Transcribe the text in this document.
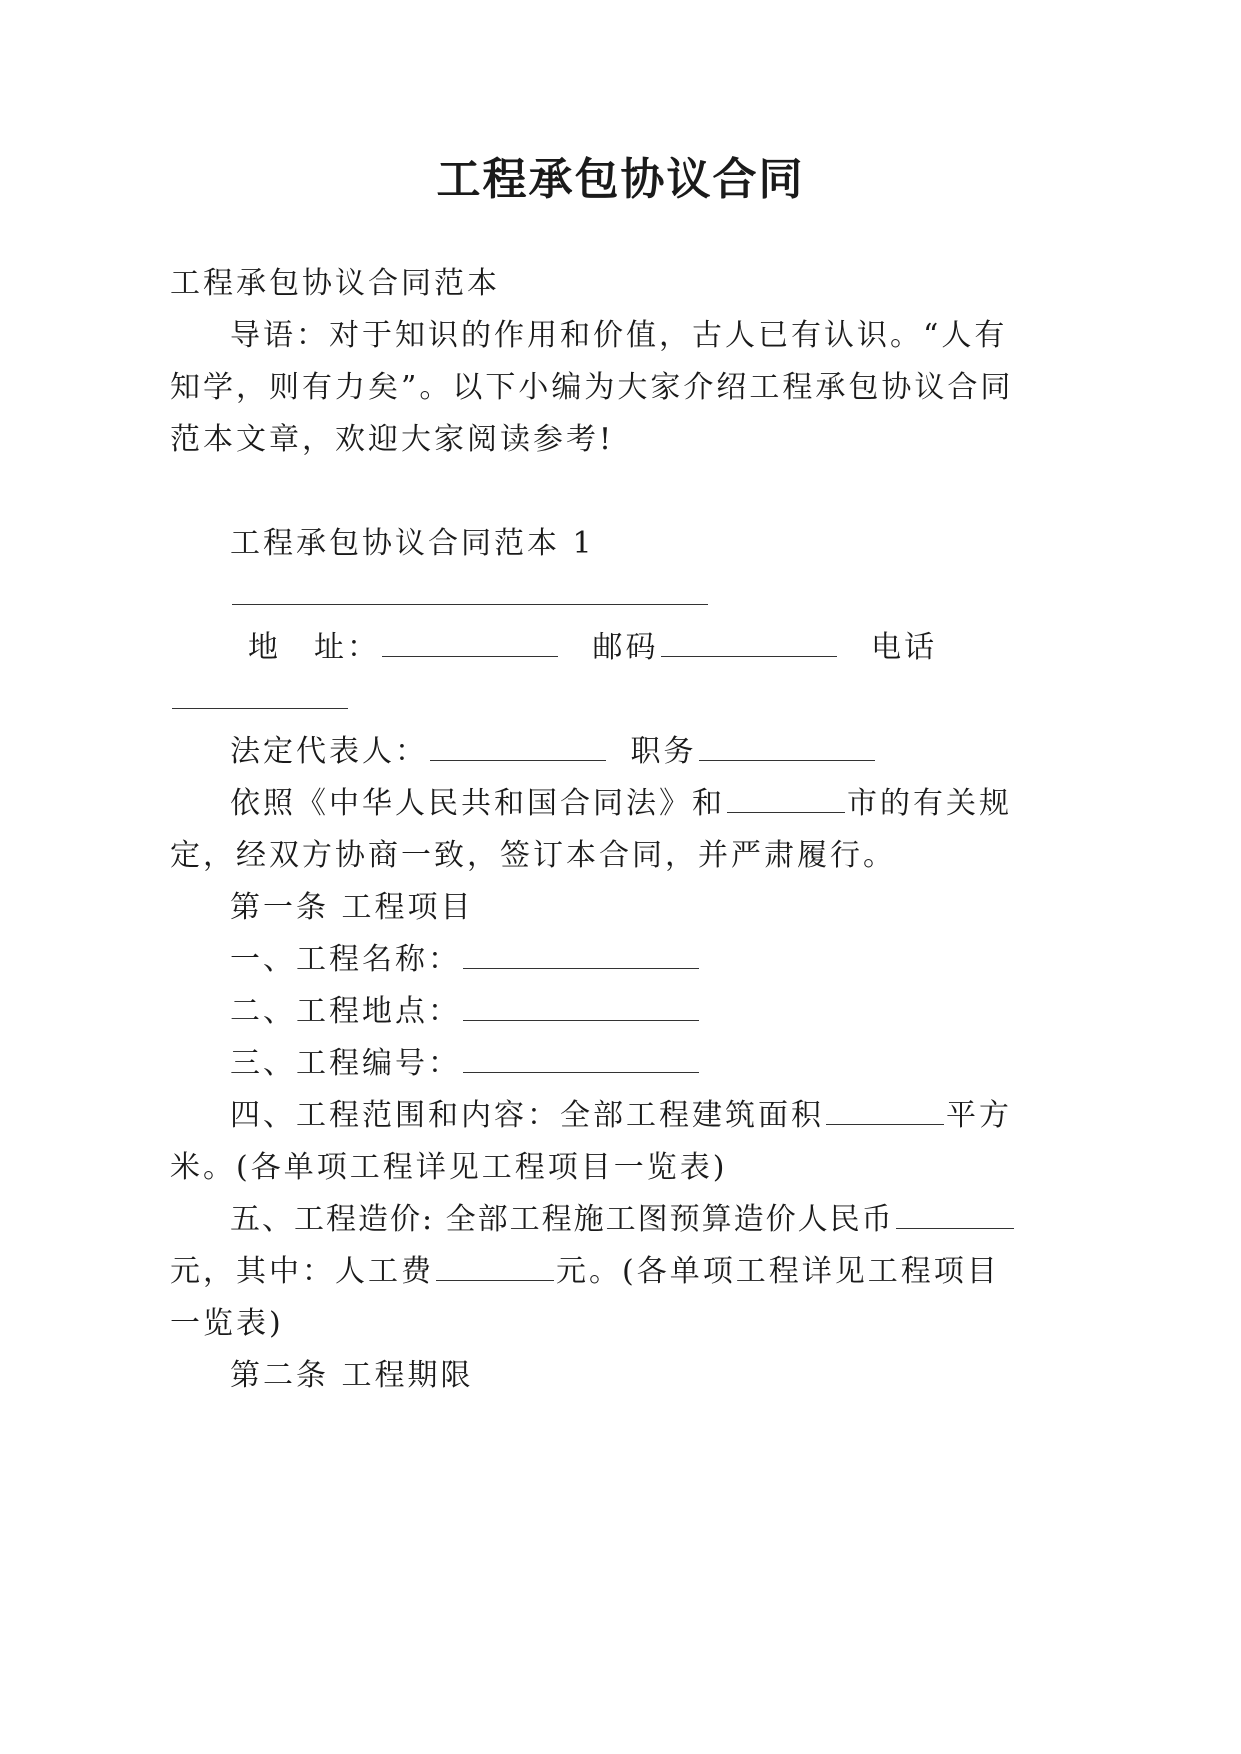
工程承包协议合同
工程承包协议合同范本
导语：对于知识的作用和价值，古人已有认识。“人有
知学，则有力矣”。以下小编为大家介绍工程承包协议合同
范本文章，欢迎大家阅读参考!
工程承包协议合同范本 1
地　址：	邮码	电话
法定代表人：	职务
依照《中华人民共和国合同法》和	市的有关规
定，经双方协商一致，签订本合同，并严肃履行。
第一条 工程项目
一、工程名称：
二、工程地点：
三、工程编号：
四、工程范围和内容：全部工程建筑面积	平方
米。(各单项工程详见工程项目一览表)
五、工程造价: 全部工程施工图预算造价人民币
元，其中：人工费	元。(各单项工程详见工程项目
一览表)
第二条 工程期限
